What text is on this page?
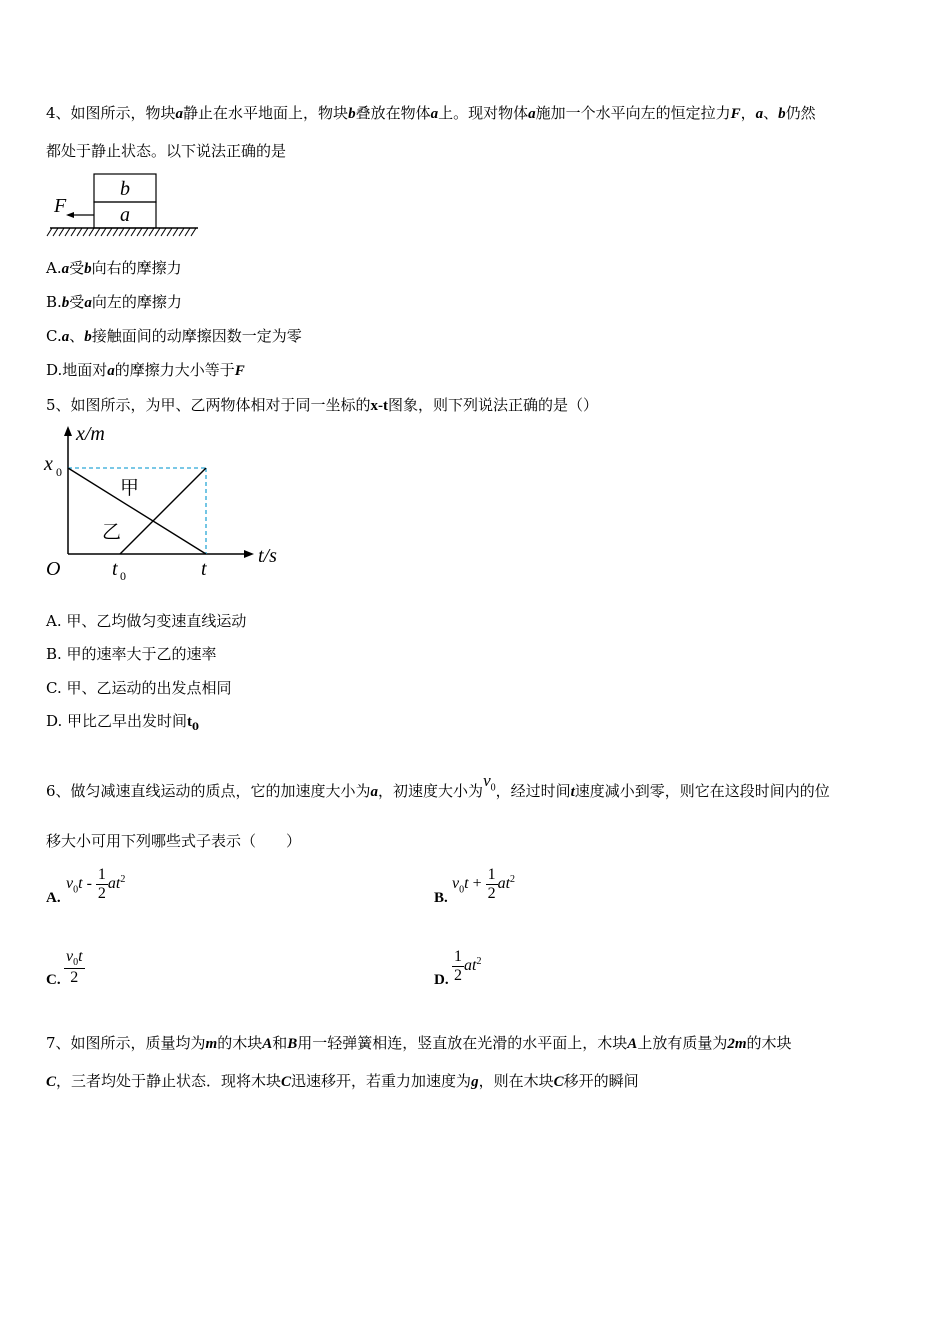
4、如图所示，物块a静止在水平地面上，物块b叠放在物体a上。现对物体a施加一个水平向左的恒定拉力F，a、b仍然
都处于静止状态。以下说法正确的是
b
a
F
A.a受b向右的摩擦力
B.b受a向左的摩擦力
C.a、b接触面间的动摩擦因数一定为零
D.地面对a的摩擦力大小等于F
5、如图所示，为甲、乙两物体相对于同一坐标的x-t图象，则下列说法正确的是（）
x/m
t/s
x 0
O	t 0	t
甲
乙
A. 甲、乙均做匀变速直线运动
B. 甲的速率大于乙的速率
C. 甲、乙运动的出发点相同
D. 甲比乙早出发时间$t_0$
6、做匀减速直线运动的质点，它的加速度大小为a，初速度大小为$v_0$，经过时间t速度减小到零，则它在这段时间内的位
移大小可用下列哪些式子表示（　　）
A.
$v_0t - \frac{1}{2} at^2$
B.
$v_0t + \frac{1}{2} at^2$
C. $\frac{v_0t}{2}$	D. $\frac{1}{2} at^2$
7、如图所示，质量均为m的木块A和B用一轻弹簧相连，竖直放在光滑的水平面上，木块A上放有质量为2m的木块
C，三者均处于静止状态．现将木块C迅速移开，若重力加速度为g，则在木块C移开的瞬间
